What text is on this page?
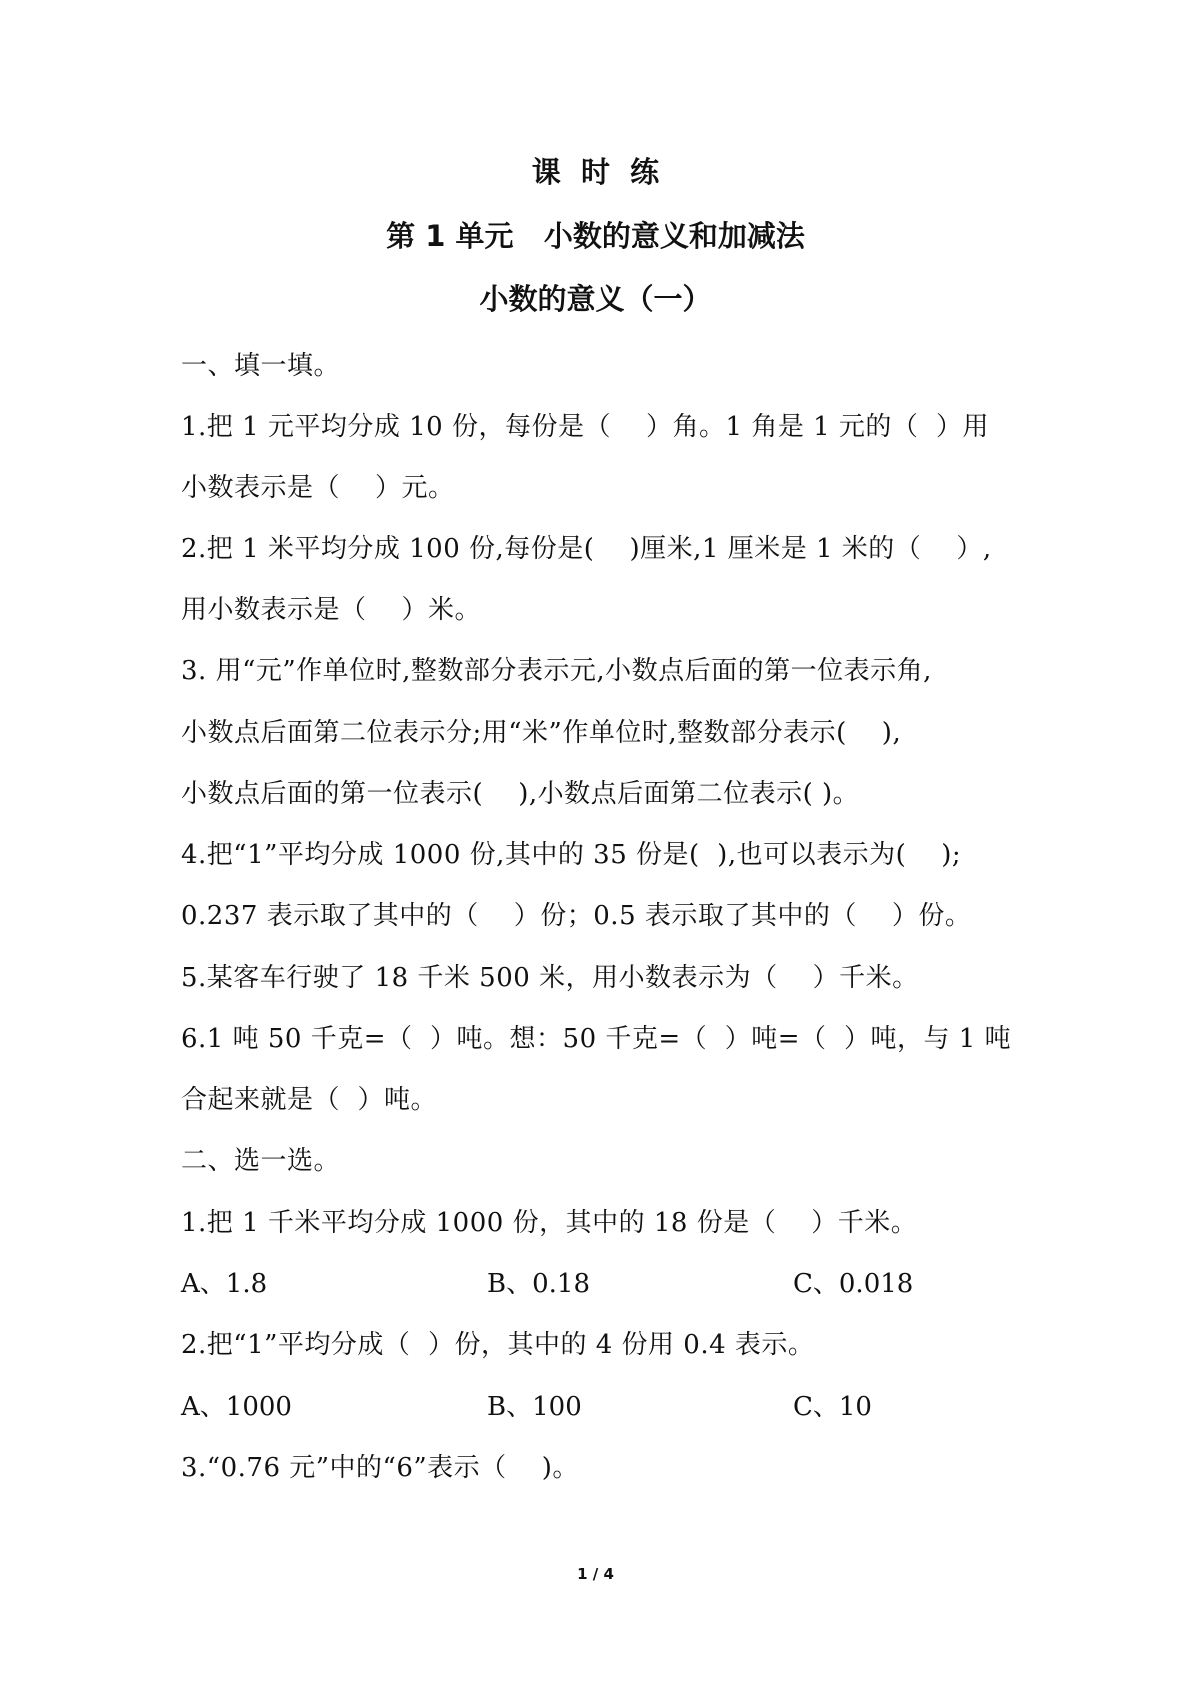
课  时  练
第 1 单元   小数的意义和加减法
小数的意义（一）
一、填一填。
1.把 1 元平均分成 10 份，每份是（    ）角。1 角是 1 元的（  ）用
小数表示是（    ）元。
2.把 1 米平均分成 100 份,每份是(    )厘米,1 厘米是 1 米的（    ）,
用小数表示是（    ）米。
3. 用“元”作单位时,整数部分表示元,小数点后面的第一位表示角,
小数点后面第二位表示分;用“米”作单位时,整数部分表示(    ),
小数点后面的第一位表示(    ),小数点后面第二位表示( )。
4.把“1”平均分成 1000 份,其中的 35 份是(  ),也可以表示为(    );
0.237 表示取了其中的（    ）份；0.5 表示取了其中的（    ）份。
5.某客车行驶了 18 千米 500 米，用小数表示为（    ）千米。
6.1 吨 50 千克=（  ）吨。想：50 千克=（  ）吨=（  ）吨，与 1 吨
合起来就是（  ）吨。
二、选一选。
1.把 1 千米平均分成 1000 份，其中的 18 份是（    ）千米。
A、1.8	B、0.18	C、0.018
2.把“1”平均分成（  ）份，其中的 4 份用 0.4 表示。
A、1000	B、100	C、10
3.“0.76 元”中的“6”表示（    )。
1 / 4
